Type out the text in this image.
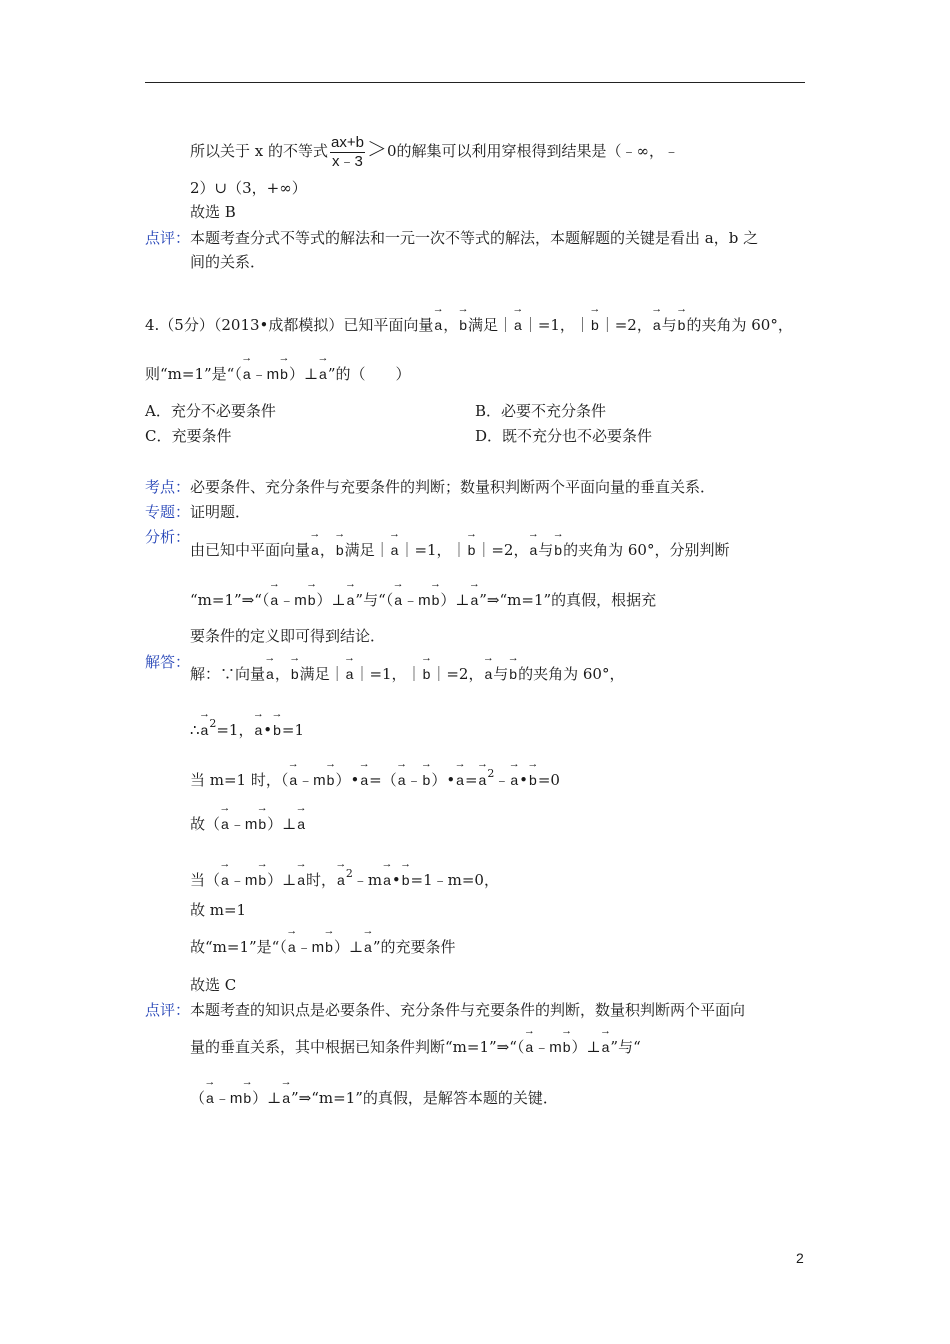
所以关于 x 的不等式 $\frac{ax+b}{x﹣3} >0$的解集可以利用穿根得到结果是（﹣∞，﹣
2）∪（3，+∞）
故选 B
点评：本题考查分式不等式的解法和一元一次不等式的解法，本题解题的关键是看出 a，b 之
间的关系．
4.（5分）（2013•成都模拟）已知平面向量→ a，→ b满足｜→ a｜=1，｜→ b｜=2，→ a与→ b的夹角为 60°，
则“m=1”是“（→ a﹣m→ b）⊥→ a”的（　　）
A．充分不必要条件	B．必要不充分条件
C．充要条件	D．既不充分也不必要条件
考点：必要条件、充分条件与充要条件的判断；数量积判断两个平面向量的垂直关系．
专题：证明题．
分析：
由已知中平面向量→ a，→ b满足｜→ a｜=1，｜→ b｜=2，→ a与→ b的夹角为 60°，分别判断
“m=1”⇒“（→ a﹣m→ b）⊥→ a”与“（→ a﹣m→ b）⊥→ a”⇒“m=1”的真假，根据充
要条件的定义即可得到结论．
解答：
解：∵向量→ a，→ b满足｜→ a｜=1，｜→ b｜=2，→ a与→ b的夹角为 60°，
∴→ $a^2=1$，→ a•→ b=1
当 m=1 时，（→ a﹣m→ b）•→ a=（→ a﹣→ b）•→ $a=\to a^2﹣\to$ a•→ b=0
故（→ a﹣m→ b）⊥→ a
当（→ a﹣m→ b）⊥→ a时，→ $a^2﹣m\to$ a•→ b=1﹣m=0，
故 m=1
故“m=1”是“（→ a﹣m→ b）⊥→ a”的充要条件
故选 C
点评：本题考查的知识点是必要条件、充分条件与充要条件的判断，数量积判断两个平面向
量的垂直关系，其中根据已知条件判断“m=1”⇒“（→ a﹣m→ b）⊥→ a”与“
（→ a﹣m→ b）⊥→ a”⇒“m=1”的真假，是解答本题的关键．
2
